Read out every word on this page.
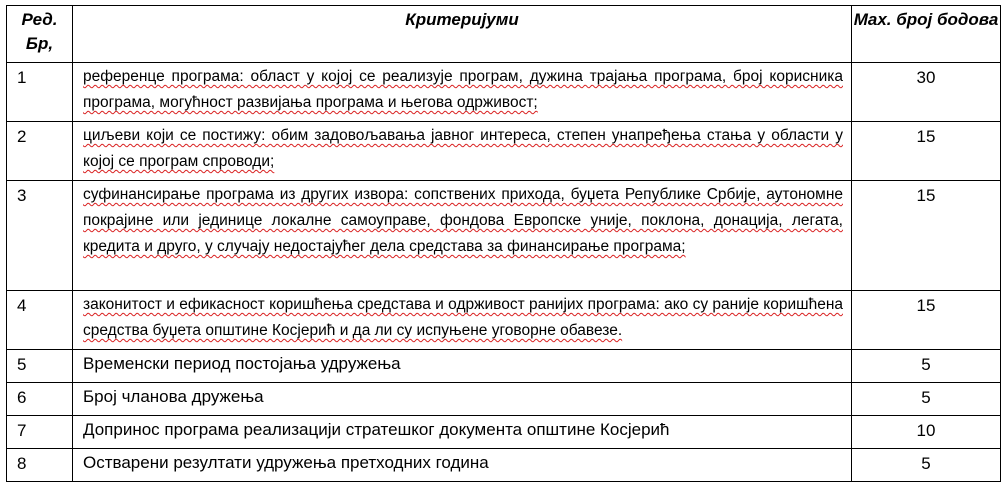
Ред. Бр,	Критеријуми	Max. број бодова
1	референце програма: област у којој се реализује програм, дужина трајања програма, број корисника програма, могућност развијања програма и његова одрживост;	30
2	циљеви који се постижу: обим задовољавања јавног интереса, степен унапређења стања у области у којој се програм спроводи;	15
3	суфинансирање програма из других извора: сопствених прихода, буџета Републике Србије, аутономне покрајине или јединице локалне самоуправе, фондова Европске уније, поклона, донација, легата, кредита и друго, у случају недостајућег дела средстава за финансирање програма;	15
4	законитост и ефикасност коришћења средстава и одрживост ранијих програма: ако су раније коришћена средства буџета општине Косјерић и да ли су испуњене уговорне обавезе.	15
5	Временски период постојања удружења	5
6	Број чланова дружења	5
7	Допринос програма реализацији стратешког документа општине Косјерић	10
8	Остварени резултати удружења претходних година	5
